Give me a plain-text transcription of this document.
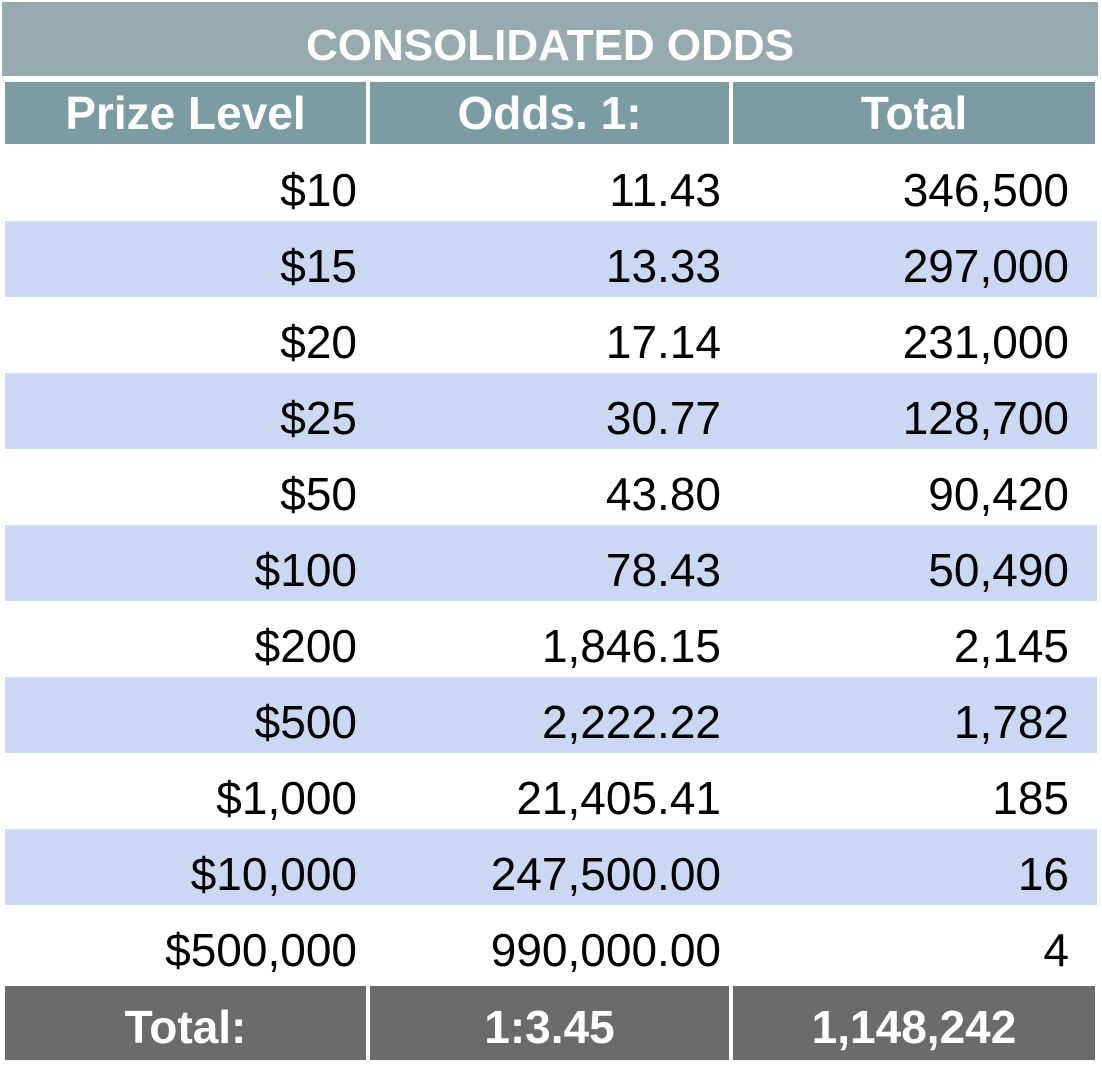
CONSOLIDATED ODDS
Prize Level	Odds. 1:	Total
$10	11.43	346,500
$15	13.33	297,000
$20	17.14	231,000
$25	30.77	128,700
$50	43.80	90,420
$100	78.43	50,490
$200	1,846.15	2,145
$500	2,222.22	1,782
$1,000	21,405.41	185
$10,000	247,500.00	16
$500,000	990,000.00	4
Total:	1:3.45	1,148,242
